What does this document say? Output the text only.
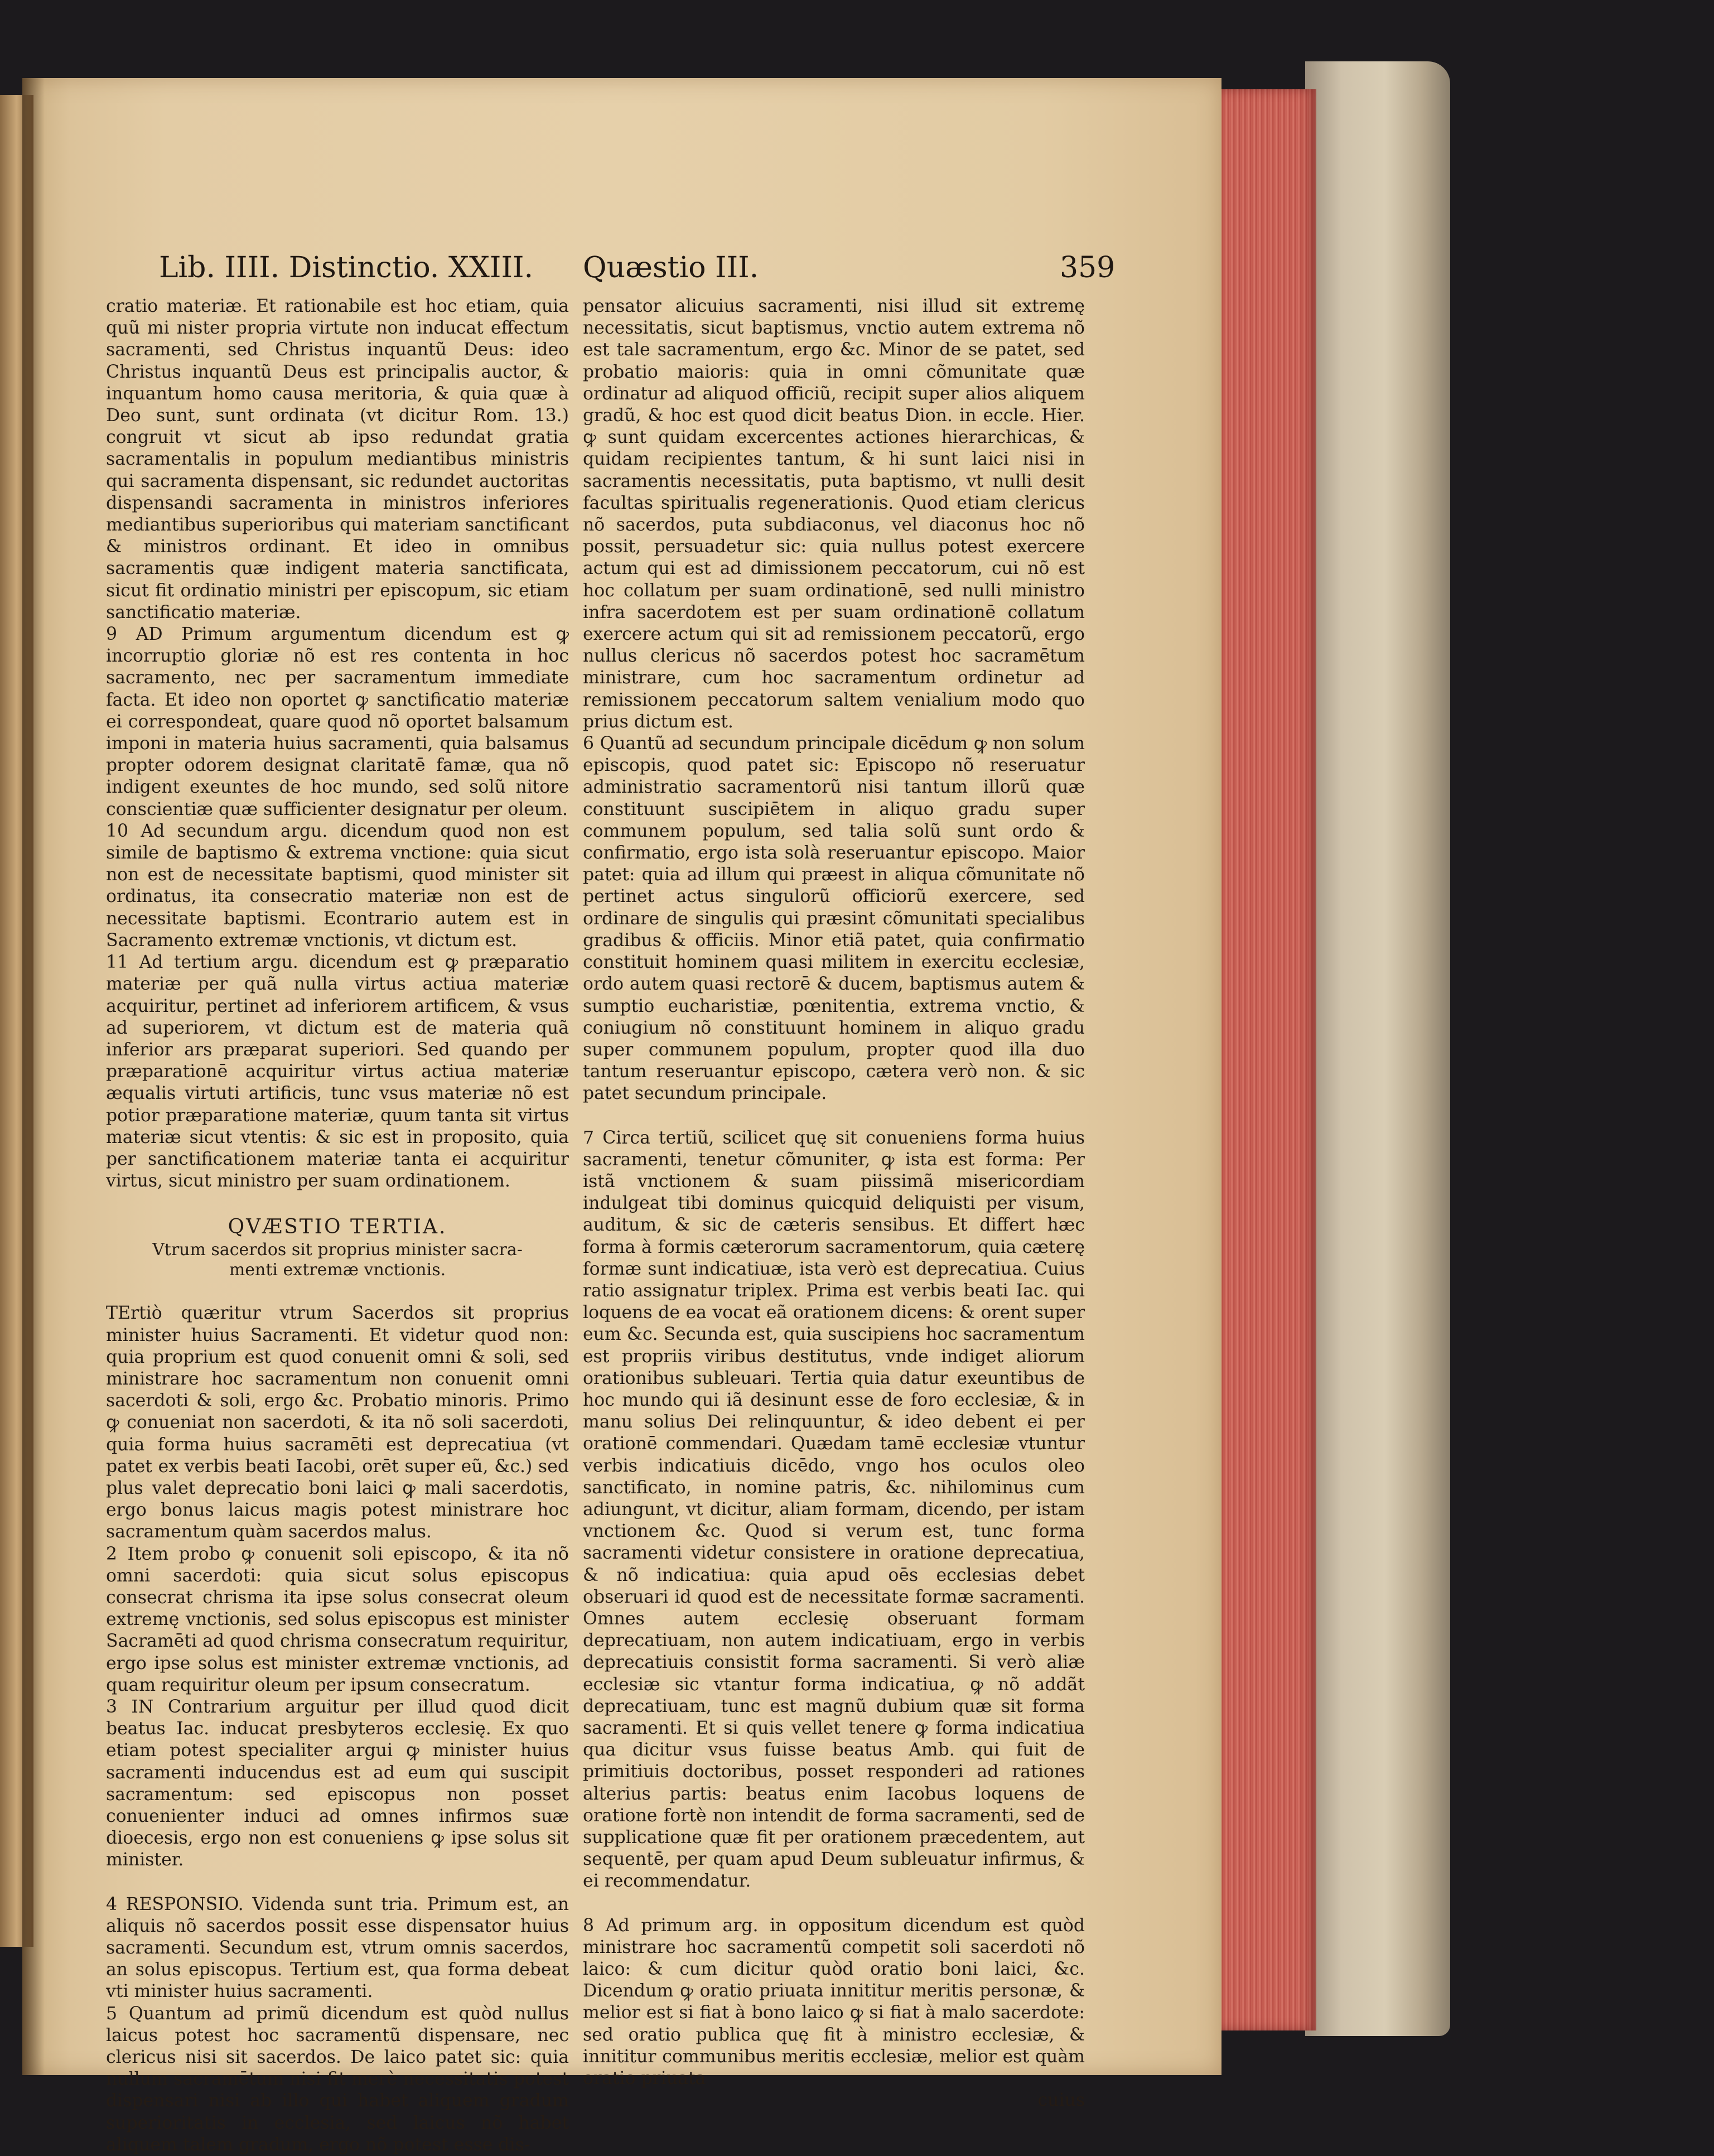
Lib. IIII. Distinctio. XXIII. Quæstio III.	359

cratio materiæ. Et rationabile est hoc etiam, quia quũ mi nister propria virtute non inducat effectum sacramenti, sed Christus inquantũ Deus: ideo Christus inquantũ Deus est principalis auctor, & inquantum homo causa meritoria, & quia quæ à Deo sunt, sunt ordinata (vt dicitur Rom. 13.) congruit vt sicut ab ipso redundat gratia sacramentalis in populum mediantibus ministris qui sacramenta dispensant, sic redundet auctoritas dispensandi sacramenta in ministros inferiores mediantibus superioribus qui materiam sanctificant & ministros ordinant. Et ideo in omnibus sacramentis quæ indigent materia sanctificata, sicut fit ordinatio ministri per episcopum, sic etiam sanctificatio materiæ.

9 AD Primum argumentum dicendum est ꝙ incorruptio gloriæ nõ est res contenta in hoc sacramento, nec per sacramentum immediate facta. Et ideo non oportet ꝙ sanctificatio materiæ ei correspondeat, quare quod nõ oportet balsamum imponi in materia huius sacramenti, quia balsamus propter odorem designat claritatē famæ, qua nõ indigent exeuntes de hoc mundo, sed solũ nitore conscientiæ quæ sufficienter designatur per oleum.

10 Ad secundum argu. dicendum quod non est simile de baptismo & extrema vnctione: quia sicut non est de necessitate baptismi, quod minister sit ordinatus, ita consecratio materiæ non est de necessitate baptismi. Econtrario autem est in Sacramento extremæ vnctionis, vt dictum est.

11 Ad tertium argu. dicendum est ꝙ præparatio materiæ per quã nulla virtus actiua materiæ acquiritur, pertinet ad inferiorem artificem, & vsus ad superiorem, vt dictum est de materia quã inferior ars præparat superiori. Sed quando per præparationē acquiritur virtus actiua materiæ æqualis virtuti artificis, tunc vsus materiæ nõ est potior præparatione materiæ, quum tanta sit virtus materiæ sicut vtentis: & sic est in proposito, quia per sanctificationem materiæ tanta ei acquiritur virtus, sicut ministro per suam ordinationem.

QVÆSTIO TERTIA.
Vtrum sacerdos sit proprius minister sacra-
menti extremæ vnctionis.

TErtiò quæritur vtrum Sacerdos sit proprius minister huius Sacramenti. Et videtur quod non: quia proprium est quod conuenit omni & soli, sed ministrare hoc sacramentum non conuenit omni sacerdoti & soli, ergo &c. Probatio minoris. Primo ꝙ conueniat non sacerdoti, & ita nõ soli sacerdoti, quia forma huius sacramēti est deprecatiua (vt patet ex verbis beati Iacobi, orēt super eũ, &c.) sed plus valet deprecatio boni laici ꝙ mali sacerdotis, ergo bonus laicus magis potest ministrare hoc sacramentum quàm sacerdos malus.

2 Item probo ꝙ conuenit soli episcopo, & ita nõ omni sacerdoti: quia sicut solus episcopus consecrat chrisma ita ipse solus consecrat oleum extremę vnctionis, sed solus episcopus est minister Sacramēti ad quod chrisma consecratum requiritur, ergo ipse solus est minister extremæ vnctionis, ad quam requiritur oleum per ipsum consecratum.

3 IN Contrarium arguitur per illud quod dicit beatus Iac. inducat presbyteros ecclesię. Ex quo etiam potest specialiter argui ꝙ minister huius sacramenti inducendus est ad eum qui suscipit sacramentum: sed episcopus non posset conuenienter induci ad omnes infirmos suæ dioecesis, ergo non est conueniens ꝙ ipse solus sit minister.

4 RESPONSIO. Videnda sunt tria. Primum est, an aliquis nõ sacerdos possit esse dispensator huius sacramenti. Secundum est, vtrum omnis sacerdos, an solus episcopus. Tertium est, qua forma debeat vti minister huius sacramenti.

5 Quantum ad primũ dicendum est quòd nullus laicus potest hoc sacramentũ dispensare, nec clericus nisi sit sacerdos. De laico patet sic: quia nullum sacramētum nisi fit merè necessitatis potest dispensari nisi ab illo qui habet aliquem gradum superioritatis in ecclesia, sed laicus nõ habet aliquem talem gradum, ergo nõ potest esse dis-

pensator alicuius sacramenti, nisi illud sit extremę necessitatis, sicut baptismus, vnctio autem extrema nõ est tale sacramentum, ergo &c. Minor de se patet, sed probatio maioris: quia in omni cõmunitate quæ ordinatur ad aliquod officiũ, recipit super alios aliquem gradũ, & hoc est quod dicit beatus Dion. in eccle. Hier. ꝙ sunt quidam excercentes actiones hierarchicas, & quidam recipientes tantum, & hi sunt laici nisi in sacramentis necessitatis, puta baptismo, vt nulli desit facultas spiritualis regenerationis. Quod etiam clericus nõ sacerdos, puta subdiaconus, vel diaconus hoc nõ possit, persuadetur sic: quia nullus potest exercere actum qui est ad dimissionem peccatorum, cui nõ est hoc collatum per suam ordinationē, sed nulli ministro infra sacerdotem est per suam ordinationē collatum exercere actum qui sit ad remissionem peccatorũ, ergo nullus clericus nõ sacerdos potest hoc sacramētum ministrare, cum hoc sacramentum ordinetur ad remissionem peccatorum saltem venialium modo quo prius dictum est.

6 Quantũ ad secundum principale dicēdum ꝙ non solum episcopis, quod patet sic: Episcopo nõ reseruatur administratio sacramentorũ nisi tantum illorũ quæ constituunt suscipiētem in aliquo gradu super communem populum, sed talia solũ sunt ordo & confirmatio, ergo ista solà reseruantur episcopo. Maior patet: quia ad illum qui præest in aliqua cõmunitate nõ pertinet actus singulorũ officiorũ exercere, sed ordinare de singulis qui præsint cõmunitati specialibus gradibus & officiis. Minor etiã patet, quia confirmatio constituit hominem quasi militem in exercitu ecclesiæ, ordo autem quasi rectorē & ducem, baptismus autem & sumptio eucharistiæ, pœnitentia, extrema vnctio, & coniugium nõ constituunt hominem in aliquo gradu super communem populum, propter quod illa duo tantum reseruantur episcopo, cætera verò non. & sic patet secundum principale.

7 Circa tertiũ, scilicet quę sit conueniens forma huius sacramenti, tenetur cõmuniter, ꝙ ista est forma: Per istã vnctionem & suam piissimã misericordiam indulgeat tibi dominus quicquid deliquisti per visum, auditum, & sic de cæteris sensibus. Et differt hæc forma à formis cæterorum sacramentorum, quia cæterę formæ sunt indicatiuæ, ista verò est deprecatiua. Cuius ratio assignatur triplex. Prima est verbis beati Iac. qui loquens de ea vocat eã orationem dicens: & orent super eum &c. Secunda est, quia suscipiens hoc sacramentum est propriis viribus destitutus, vnde indiget aliorum orationibus subleuari. Tertia quia datur exeuntibus de hoc mundo qui iã desinunt esse de foro ecclesiæ, & in manu solius Dei relinquuntur, & ideo debent ei per orationē commendari. Quædam tamē ecclesiæ vtuntur verbis indicatiuis dicēdo, vngo hos oculos oleo sanctificato, in nomine patris, &c. nihilominus cum adiungunt, vt dicitur, aliam formam, dicendo, per istam vnctionem &c. Quod si verum est, tunc forma sacramenti videtur consistere in oratione deprecatiua, & nõ indicatiua: quia apud oēs ecclesias debet obseruari id quod est de necessitate formæ sacramenti. Omnes autem ecclesię obseruant formam deprecatiuam, non autem indicatiuam, ergo in verbis deprecatiuis consistit forma sacramenti. Si verò aliæ ecclesiæ sic vtantur forma indicatiua, ꝙ nõ addãt deprecatiuam, tunc est magnũ dubium quæ sit forma sacramenti. Et si quis vellet tenere ꝙ forma indicatiua qua dicitur vsus fuisse beatus Amb. qui fuit de primitiuis doctoribus, posset responderi ad rationes alterius partis: beatus enim Iacobus loquens de oratione fortè non intendit de forma sacramenti, sed de supplicatione quæ fit per orationem præcedentem, aut sequentē, per quam apud Deum subleuatur infirmus, & ei recommendatur.

8 Ad primum arg. in oppositum dicendum est quòd ministrare hoc sacramentũ competit soli sacerdoti nõ laico: & cum dicitur quòd oratio boni laici, &c. Dicendum ꝙ oratio priuata innititur meritis personæ, & melior est si fiat à bono laico ꝙ si fiat à malo sacerdote: sed oratio publica quę fit à ministro ecclesiæ, & innititur communibus meritis ecclesiæ, melior est quàm oratio priuata

cuius
